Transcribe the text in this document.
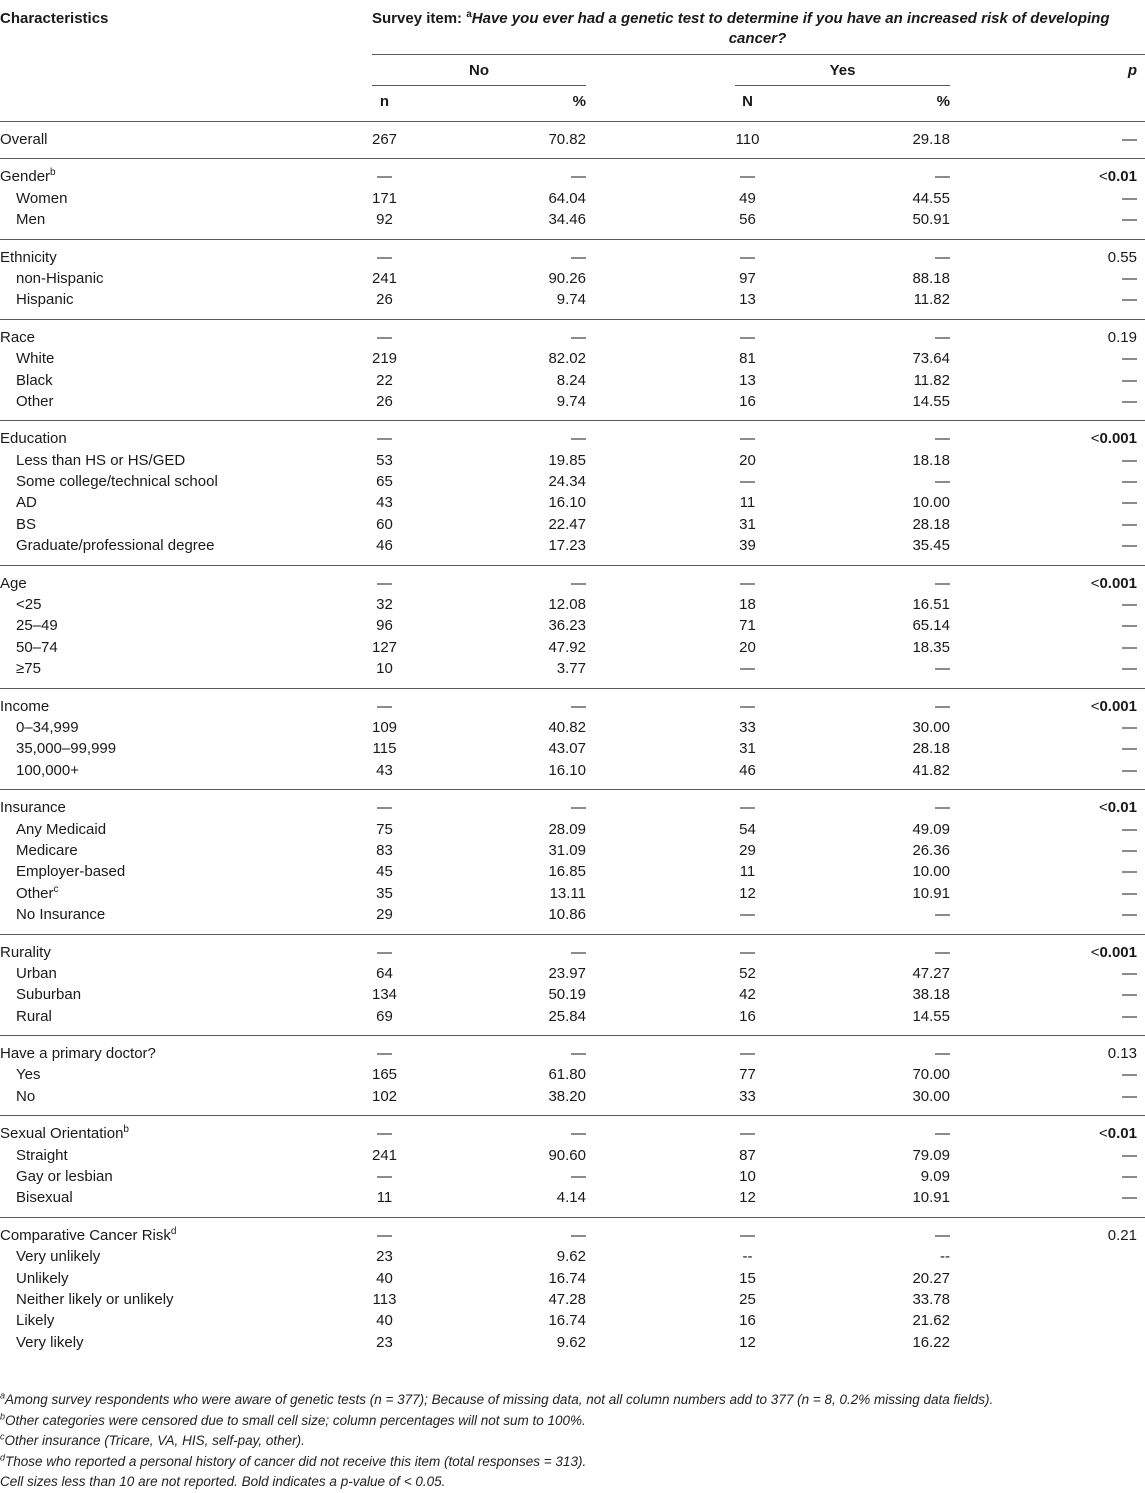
Characteristics	Survey item: $^a$Have you ever had a genetic test to determine if you have an increased risk of developing
cancer?
No	Yes	p
n	%	N	%
Overall	267	70.82	110	29.18	—
Gender$^b$	—	—	—	—	<0.01
Women	171	64.04	49	44.55	—
Men	92	34.46	56	50.91	—
Ethnicity	—	—	—	—	0.55
non-Hispanic	241	90.26	97	88.18	—
Hispanic	26	9.74	13	11.82	—
Race	—	—	—	—	0.19
White	219	82.02	81	73.64	—
Black	22	8.24	13	11.82	—
Other	26	9.74	16	14.55	—
Education	—	—	—	—	<0.001
Less than HS or HS/GED	53	19.85	20	18.18	—
Some college/technical school	65	24.34	—	—	—
AD	43	16.10	11	10.00	—
BS	60	22.47	31	28.18	—
Graduate/professional degree	46	17.23	39	35.45	—
Age	—	—	—	—	<0.001
<25	32	12.08	18	16.51	—
25–49	96	36.23	71	65.14	—
50–74	127	47.92	20	18.35	—
≥75	10	3.77	—	—	—
Income	—	—	—	—	<0.001
0–34,999	109	40.82	33	30.00	—
35,000–99,999	115	43.07	31	28.18	—
100,000+	43	16.10	46	41.82	—
Insurance	—	—	—	—	<0.01
Any Medicaid	75	28.09	54	49.09	—
Medicare	83	31.09	29	26.36	—
Employer-based	45	16.85	11	10.00	—
Other$^c$	35	13.11	12	10.91	—
No Insurance	29	10.86	—	—	—
Rurality	—	—	—	—	<0.001
Urban	64	23.97	52	47.27	—
Suburban	134	50.19	42	38.18	—
Rural	69	25.84	16	14.55	—
Have a primary doctor?	—	—	—	—	0.13
Yes	165	61.80	77	70.00	—
No	102	38.20	33	30.00	—
Sexual Orientation$^b$	—	—	—	—	<0.01
Straight	241	90.60	87	79.09	—
Gay or lesbian	—	—	10	9.09	—
Bisexual	11	4.14	12	10.91	—
Comparative Cancer Risk$^d$	—	—	—	—	0.21
Very unlikely	23	9.62	--	--
Unlikely	40	16.74	15	20.27
Neither likely or unlikely	113	47.28	25	33.78
Likely	40	16.74	16	21.62
Very likely	23	9.62	12	16.22
$^a$Among survey respondents who were aware of genetic tests (n = 377); Because of missing data, not all column numbers add to 377 (n = 8, 0.2% missing data fields).
$^b$Other categories were censored due to small cell size; column percentages will not sum to 100%.
$^c$Other insurance (Tricare, VA, HIS, self-pay, other).
$^d$Those who reported a personal history of cancer did not receive this item (total responses = 313).
Cell sizes less than 10 are not reported. Bold indicates a p-value of < 0.05.
